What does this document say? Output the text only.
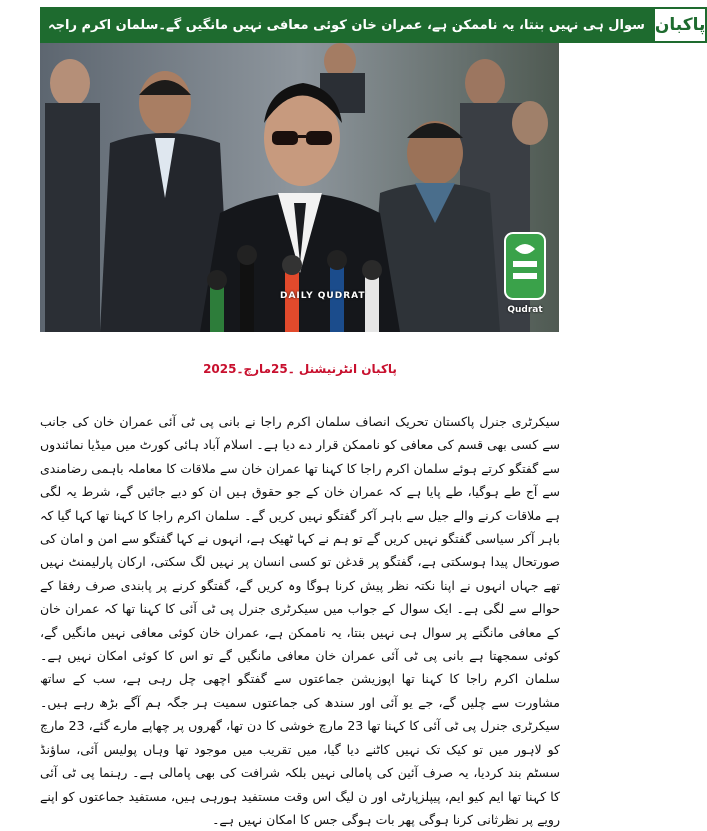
سوال ہی نہیں بنتا، یہ ناممکن ہے، عمران خان کوئی معافی نہیں مانگیں گے۔سلمان اکرم راجہ پاکبان
DAILY QUDRAT
Qudrat
پاکبان انٹرنیشنل ۔25مارچ۔2025

سیکرٹری جنرل پاکستان تحریک انصاف سلمان اکرم راجا نے بانی پی ٹی آئی عمران خان کی جانب سے کسی بھی قسم کی معافی کو ناممکن قرار دے دیا ہے۔ اسلام آباد ہائی کورٹ میں میڈیا نمائندوں سے گفتگو کرتے ہوئے سلمان اکرم راجا کا کہنا تھا عمران خان سے ملاقات کا معاملہ باہمی رضامندی سے آج طے ہوگیا، طے پایا ہے کہ عمران خان کے جو حقوق ہیں ان کو دیے جائیں گے، شرط یہ لگی ہے ملاقات کرنے والے جیل سے باہر آکر گفتگو نہیں کریں گے۔ سلمان اکرم راجا کا کہنا تھا کہا گیا کہ باہر آکر سیاسی گفتگو نہیں کریں گے تو ہم نے کہا ٹھیک ہے، انہوں نے کہا گفتگو سے امن و امان کی صورتحال پیدا ہوسکتی ہے، گفتگو پر قدغن تو کسی انسان پر نہیں لگ سکتی، ارکان پارلیمنٹ نہیں تھے جہاں انہوں نے اپنا نکتہ نظر پیش کرنا ہوگا وہ کریں گے، گفتگو کرنے پر پابندی صرف رفقا کے حوالے سے لگی ہے۔ ایک سوال کے جواب میں سیکرٹری جنرل پی ٹی آئی کا کہنا تھا کہ عمران خان کے معافی مانگنے پر سوال ہی نہیں بنتا، یہ ناممکن ہے، عمران خان کوئی معافی نہیں مانگیں گے، کوئی سمجھتا ہے بانی پی ٹی آئی عمران خان معافی مانگیں گے تو اس کا کوئی امکان نہیں ہے۔ سلمان اکرم راجا کا کہنا تھا اپوزیشن جماعتوں سے گفتگو اچھی چل رہی ہے، سب کے ساتھ مشاورت سے چلیں گے، جے یو آئی اور سندھ کی جماعتوں سمیت ہر جگہ ہم آگے بڑھ رہے ہیں۔ سیکرٹری جنرل پی ٹی آئی کا کہنا تھا 23 مارچ خوشی کا دن تھا، گھروں پر چھاپے مارے گئے، 23 مارچ کو لاہور میں تو کیک تک نہیں کاٹنے دیا گیا، میں تقریب میں موجود تھا وہاں پولیس آئی، ساؤنڈ سسٹم بند کردیا، یہ صرف آئین کی پامالی نہیں بلکہ شرافت کی بھی پامالی ہے۔ رہنما پی ٹی آئی کا کہنا تھا ایم کیو ایم، پیپلزپارٹی اور ن لیگ اس وقت مستفید ہورہی ہیں، مستفید جماعتوں کو اپنے رویے پر نظرثانی کرنا ہوگی پھر بات ہوگی جس کا امکان نہیں ہے۔
